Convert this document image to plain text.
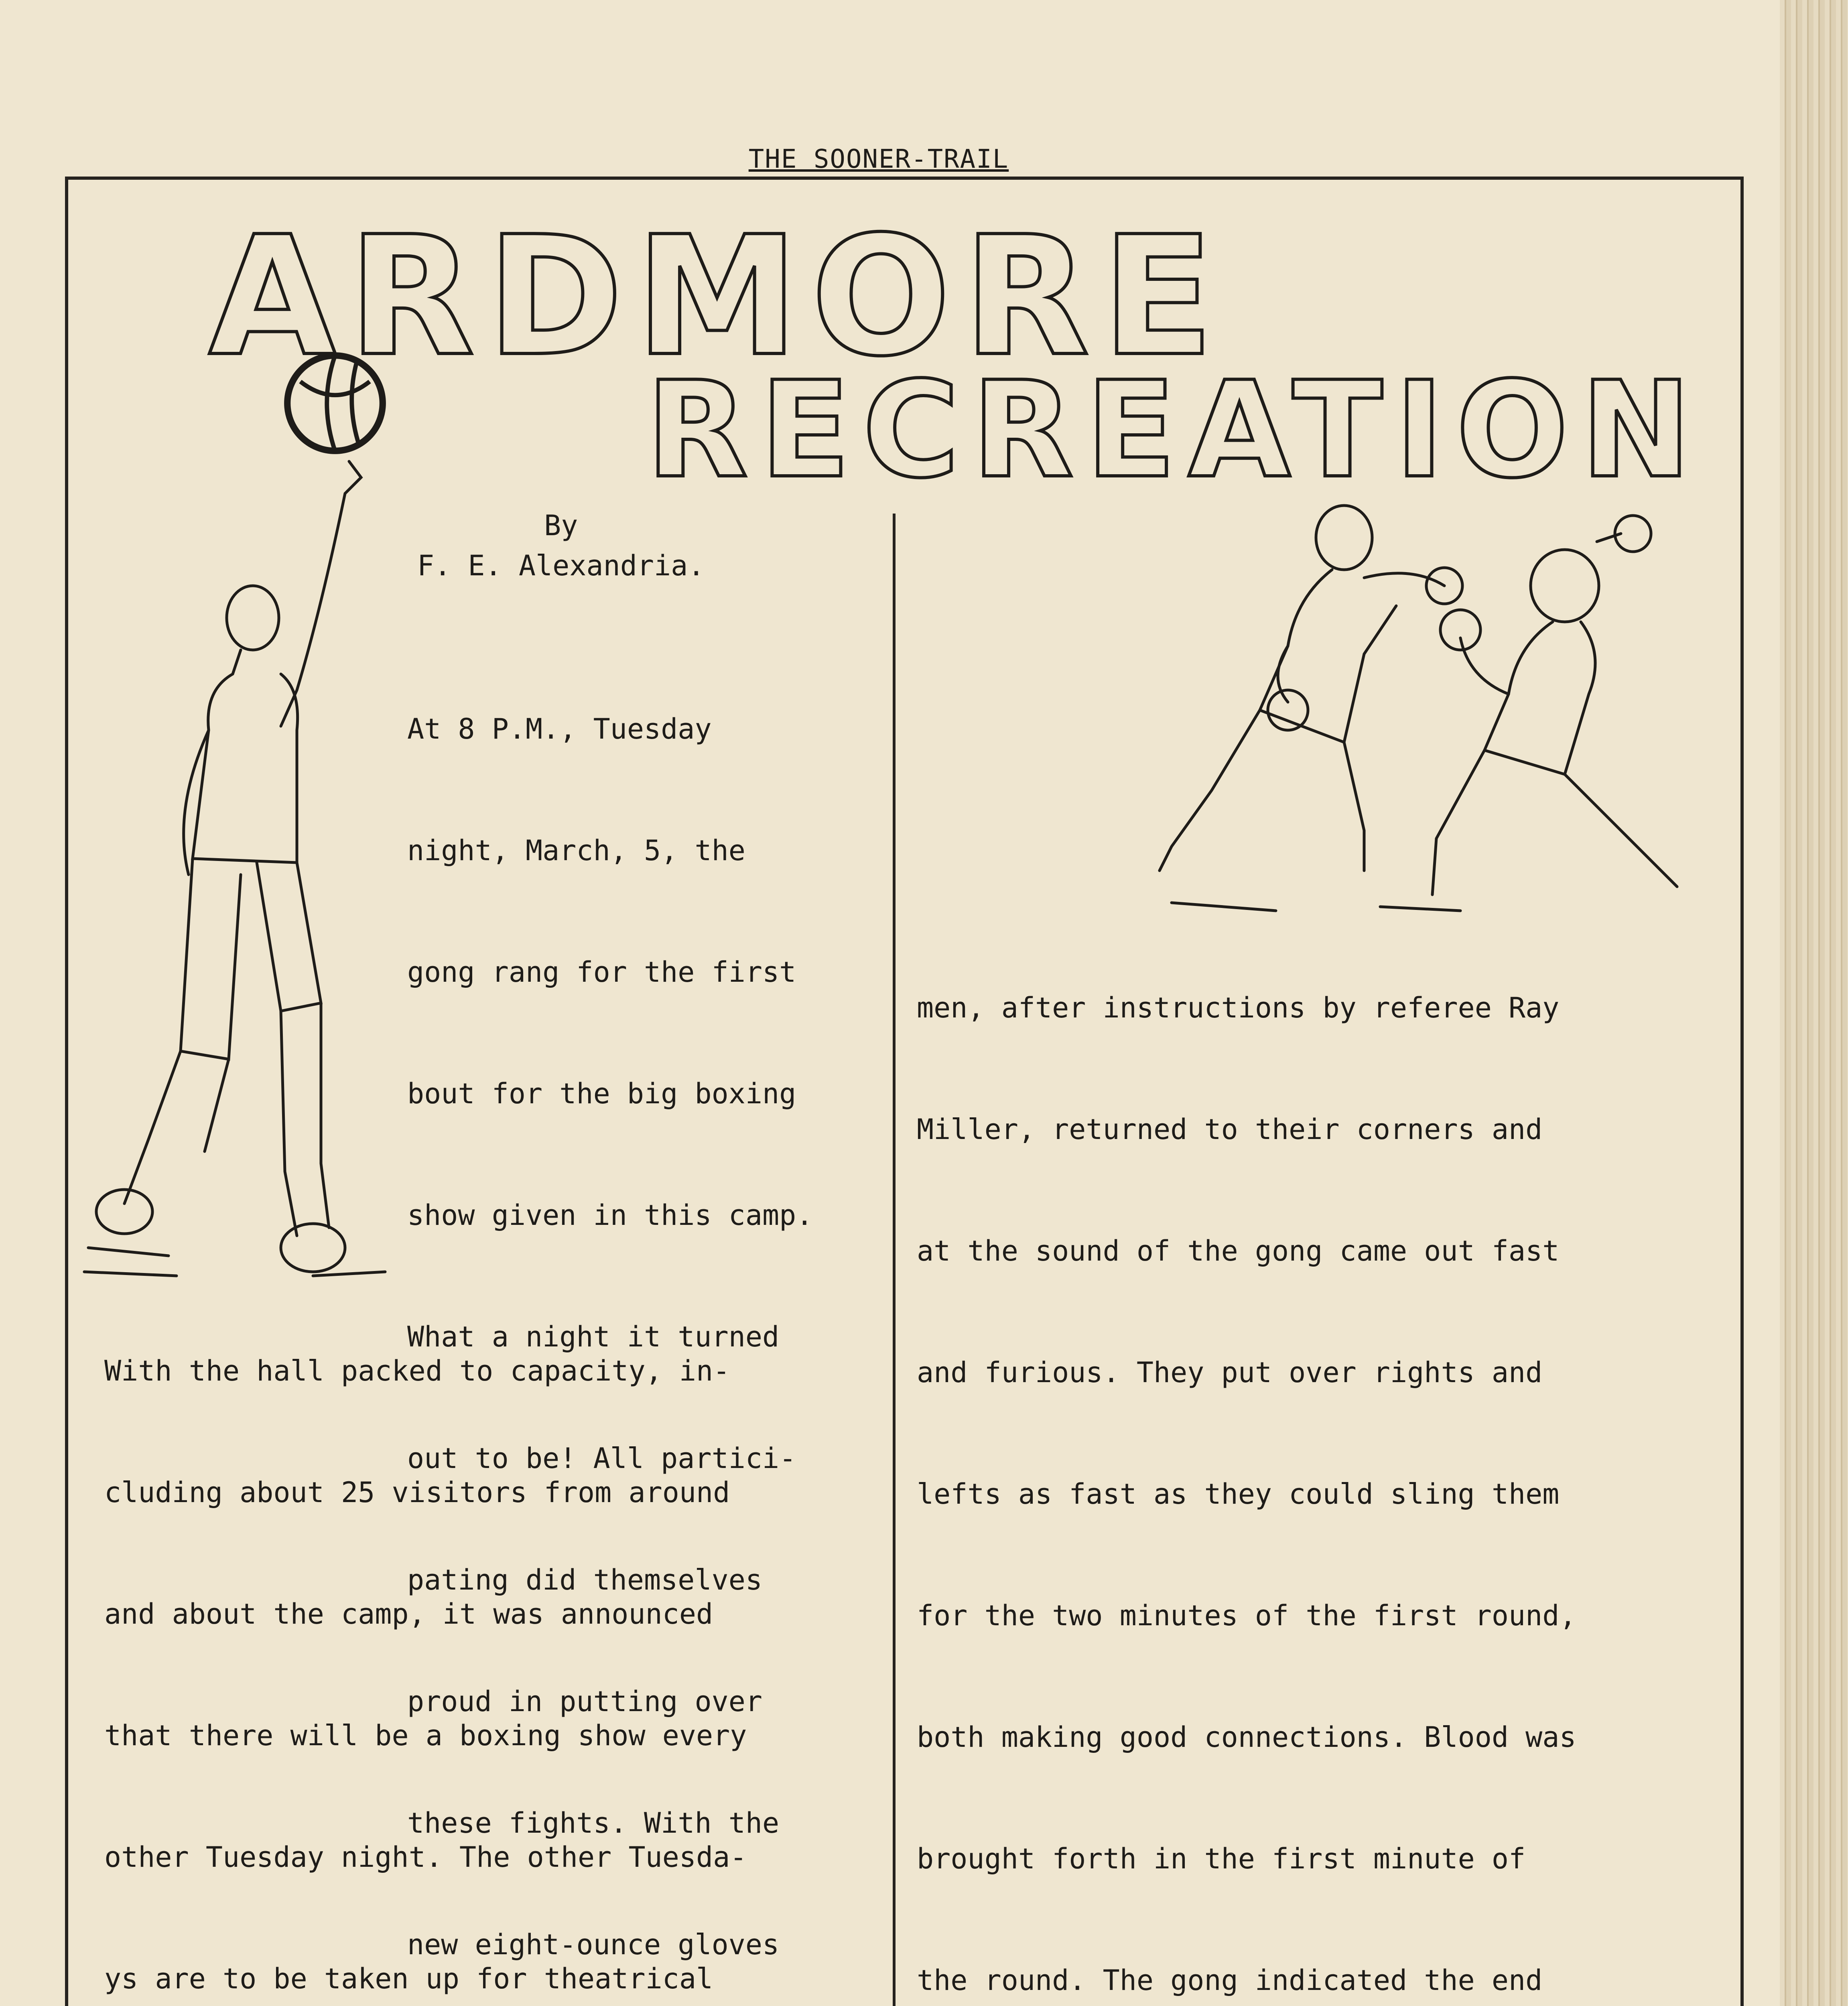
THE SOONER-TRAIL
ARDMORE
RECREATION
By
F. E. Alexandria.

At 8 P.M., Tuesday

night, March, 5, the

gong rang for the first

bout for the big boxing

show given in this camp.

What a night it turned

out to be! All partici-

pating did themselves

proud in putting over

these fights. With the

new eight-ounce gloves

With the hall packed to capacity, in-

cluding about 25 visitors from around

and about the camp, it was announced

that there will be a boxing show every

other Tuesday night. The other Tuesda-

ys are to be taken up for theatrical

men, after instructions by referee Ray

Miller, returned to their corners and

at the sound of the gong came out fast

and furious. They put over rights and

lefts as fast as they could sling them

for the two minutes of the first round,

both making good connections. Blood was

brought forth in the first minute of

the round. The gong indicated the end
